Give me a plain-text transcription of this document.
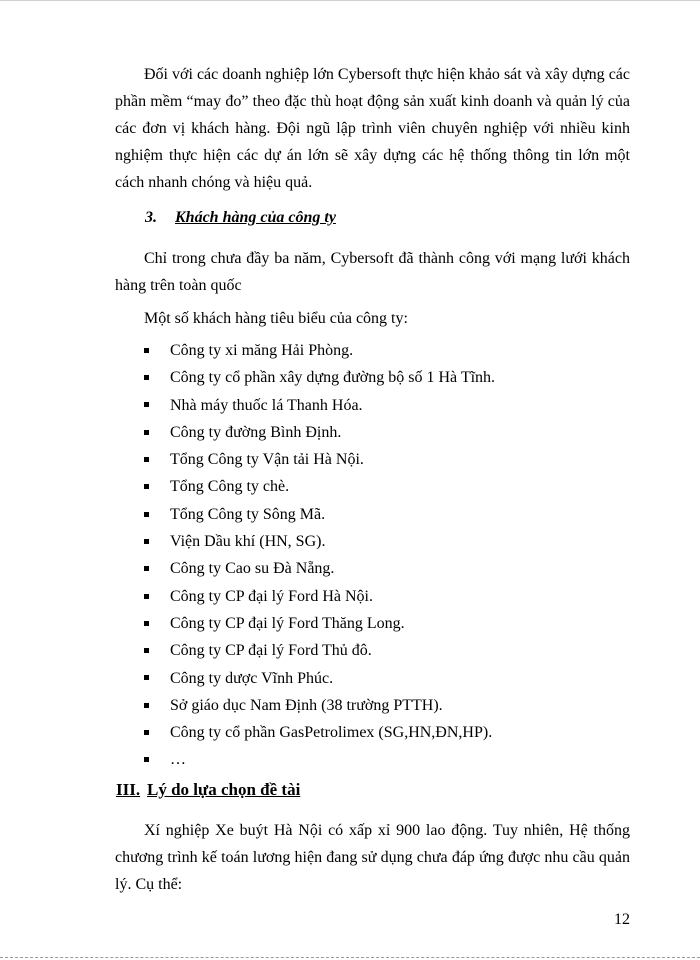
Đối với các doanh nghiệp lớn Cybersoft thực hiện khảo sát và xây dựng các phần mềm “may đo” theo đặc thù hoạt động sản xuất kinh doanh và quản lý của các đơn vị khách hàng. Đội ngũ lập trình viên chuyên nghiệp với nhiều kinh nghiệm thực hiện các dự án lớn sẽ xây dựng các hệ thống thông tin lớn một cách nhanh chóng và hiệu quả.

3. Khách hàng của công ty

Chỉ trong chưa đầy ba năm, Cybersoft đã thành công với mạng lưới khách hàng trên toàn quốc

Một số khách hàng tiêu biểu của công ty:

Công ty xi măng Hải Phòng.
Công ty cổ phần xây dựng đường bộ số 1 Hà Tĩnh.
Nhà máy thuốc lá Thanh Hóa.
Công ty đường Bình Định.
Tổng Công ty Vận tải Hà Nội.
Tổng Công ty chè.
Tổng Công ty Sông Mã.
Viện Dầu khí (HN, SG).
Công ty Cao su Đà Nẵng.
Công ty CP đại lý Ford Hà Nội.
Công ty CP đại lý Ford Thăng Long.
Công ty CP đại lý Ford Thủ đô.
Công ty dược Vĩnh Phúc.
Sở giáo dục Nam Định (38 trường PTTH).
Công ty cổ phần GasPetrolimex (SG,HN,ĐN,HP).
…
III. Lý do lựa chọn đề tài

Xí nghiệp Xe buýt Hà Nội có xấp xỉ 900 lao động. Tuy nhiên, Hệ thống chương trình kế toán lương hiện đang sử dụng chưa đáp ứng được nhu cầu quản lý. Cụ thể:

12
